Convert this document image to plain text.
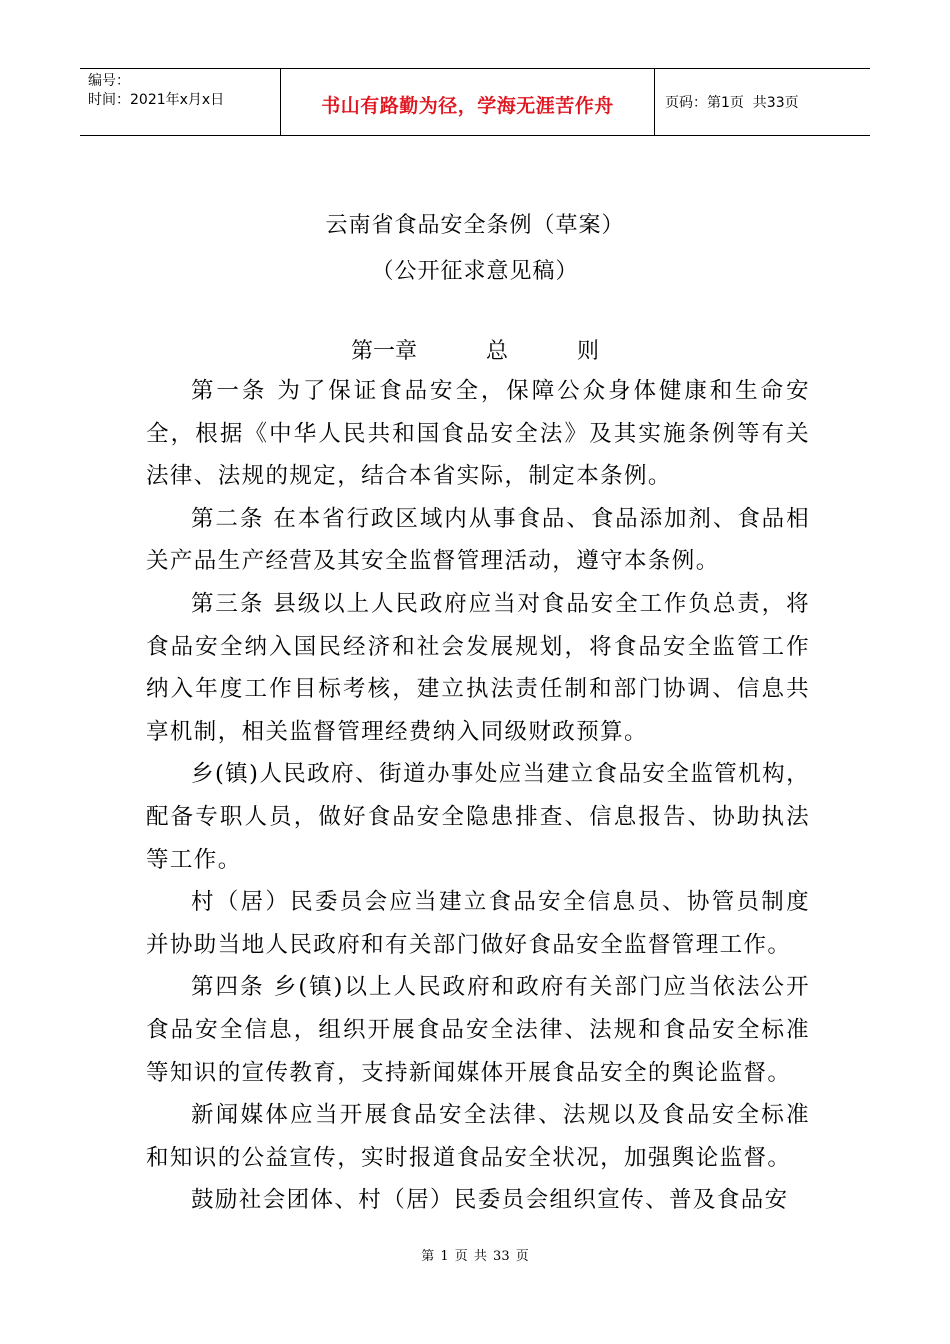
编号：
时间：2021年x月x日	书山有路勤为径，学海无涯苦作舟	页码：第1页  共33页
云南省食品安全条例（草案）
（公开征求意见稿）
第一章   总   则

第一条 为了保证食品安全，保障公众身体健康和生命安全，根据《中华人民共和国食品安全法》及其实施条例等有关法律、法规的规定，结合本省实际，制定本条例。

第二条 在本省行政区域内从事食品、食品添加剂、食品相关产品生产经营及其安全监督管理活动，遵守本条例。

第三条 县级以上人民政府应当对食品安全工作负总责，将食品安全纳入国民经济和社会发展规划，将食品安全监管工作纳入年度工作目标考核，建立执法责任制和部门协调、信息共享机制，相关监督管理经费纳入同级财政预算。

乡(镇)人民政府、街道办事处应当建立食品安全监管机构，配备专职人员，做好食品安全隐患排查、信息报告、协助执法等工作。

村（居）民委员会应当建立食品安全信息员、协管员制度并协助当地人民政府和有关部门做好食品安全监督管理工作。

第四条 乡(镇)以上人民政府和政府有关部门应当依法公开食品安全信息，组织开展食品安全法律、法规和食品安全标准等知识的宣传教育，支持新闻媒体开展食品安全的舆论监督。

新闻媒体应当开展食品安全法律、法规以及食品安全标准和知识的公益宣传，实时报道食品安全状况，加强舆论监督。

鼓励社会团体、村（居）民委员会组织宣传、普及食品安

第 1 页 共 33 页
